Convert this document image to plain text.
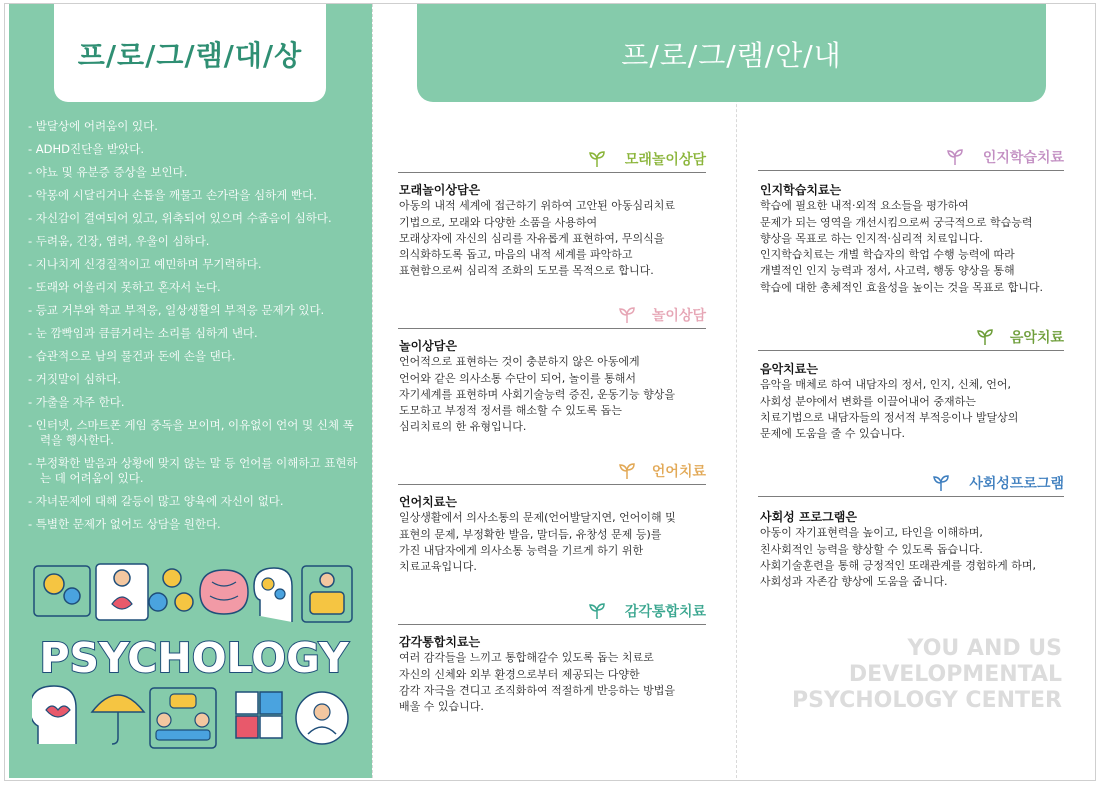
프/로/그/램/대/상	프/로/그/램/안/내
- 발달상에 어려움이 있다.
- ADHD진단을 받았다.
- 야뇨 및 유분증 증상을 보인다.
- 악몽에 시달리거나 손톱을 깨물고 손가락을 심하게 빤다.
- 자신감이 결여되어 있고, 위축되어 있으며 수줍음이 심하다.
- 두려움, 긴장, 염려, 우울이 심하다.
- 지나치게 신경질적이고 예민하며 무기력하다.
- 또래와 어울리지 못하고 혼자서 논다.
- 등교 거부와 학교 부적응, 일상생활의 부적응 문제가 있다.
- 눈 깜빡임과 큼큼거리는 소리를 심하게 낸다.
- 습관적으로 남의 물건과 돈에 손을 댄다.
- 거짓말이 심하다.
- 가출을 자주 한다.
- 인터넷, 스마트폰 게임 중독을 보이며, 이유없이 언어 및 신체 폭력을 행사한다.
- 부정확한 발음과 상황에 맞지 않는 말 등 언어를 이해하고 표현하는 데 어려움이 있다.
- 자녀문제에 대해 갈등이 많고 양육에 자신이 없다.
- 특별한 문제가 없어도 상담을 원한다.
PSYCHOLOGY
모래놀이상담
모래놀이상담은
아동의 내적 세계에 접근하기 위하여 고안된 아동심리치료
기법으로, 모래와 다양한 소품을 사용하여
모래상자에 자신의 심리를 자유롭게 표현하여, 무의식을
의식화하도록 돕고, 마음의 내적 세계를 파악하고
표현함으로써 심리적 조화의 도모를 목적으로 합니다.
놀이상담
놀이상담은
언어적으로 표현하는 것이 충분하지 않은 아동에게
언어와 같은 의사소통 수단이 되어, 놀이를 통해서
자기세계를 표현하며 사회기술능력 증진, 운동기능 향상을
도모하고 부정적 정서를 해소할 수 있도록 돕는
심리치료의 한 유형입니다.
언어치료
언어치료는
일상생활에서 의사소통의 문제(언어발달지연, 언어이해 및
표현의 문제, 부정확한 발음, 말더듬, 유창성 문제 등)를
가진 내담자에게 의사소통 능력을 기르게 하기 위한
치료교육입니다.
감각통합치료
감각통합치료는
여러 감각들을 느끼고 통합해갈수 있도록 돕는 치료로
자신의 신체와 외부 환경으로부터 제공되는 다양한
감각 자극을 견디고 조직화하여 적절하게 반응하는 방법을
배울 수 있습니다.
인지학습치료
인지학습치료는
학습에 필요한 내적·외적 요소들을 평가하여
문제가 되는 영역을 개선시킴으로써 궁극적으로 학습능력
향상을 목표로 하는 인지적·심리적 치료입니다.
인지학습치료는 개별 학습자의 학업 수행 능력에 따라
개별적인 인지 능력과 정서, 사고력, 행동 양상을 통해
학습에 대한 총체적인 효율성을 높이는 것을 목표로 합니다.
음악치료
음악치료는
음악을 매체로 하여 내담자의 정서, 인지, 신체, 언어,
사회성 분야에서 변화를 이끌어내어 중재하는
치료기법으로 내담자들의 정서적 부적응이나 발달상의
문제에 도움을 줄 수 있습니다.
사회성프로그램
사회성 프로그램은
아동이 자기표현력을 높이고, 타인을 이해하며,
친사회적인 능력을 향상할 수 있도록 돕습니다.
사회기술훈련을 통해 긍정적인 또래관계를 경험하게 하며,
사회성과 자존감 향상에 도움을 줍니다.
YOU AND US
DEVELOPMENTAL
PSYCHOLOGY CENTER
